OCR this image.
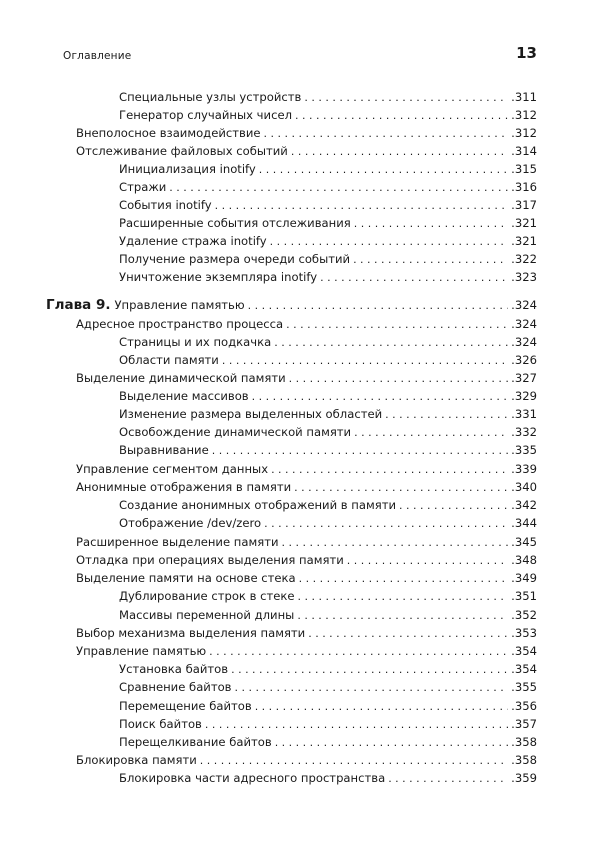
Оглавление	13
Специальные узлы устройств . . .	.311
Генератор случайных чисел . . .	.312
Внеполосное взаимодействие . . .	.312
Отслеживание файловых событий . . .	.314
Инициализация inotify . . .	.315
Стражи . . .	.316
События inotify . . .	.317
Расширенные события отслеживания . . .	.321
Удаление стража inotify . . .	.321
Получение размера очереди событий . . .	.322
Уничтожение экземпляра inotify . . .	.323
Глава 9. Управление памятью . . .	.324
Адресное пространство процесса . . .	.324
Страницы и их подкачка . . .	.324
Области памяти . . .	.326
Выделение динамической памяти . . .	.327
Выделение массивов . . .	.329
Изменение размера выделенных областей . . .	.331
Освобождение динамической памяти . . .	.332
Выравнивание . . .	.335
Управление сегментом данных . . .	.339
Анонимные отображения в памяти . . .	.340
Создание анонимных отображений в памяти . . .	.342
Отображение /dev/zero . . .	.344
Расширенное выделение памяти . . .	.345
Отладка при операциях выделения памяти . . .	.348
Выделение памяти на основе стека . . .	.349
Дублирование строк в стеке . . .	.351
Массивы переменной длины . . .	.352
Выбор механизма выделения памяти . . .	.353
Управление памятью . . .	.354
Установка байтов . . .	.354
Сравнение байтов . . .	.355
Перемещение байтов . . .	.356
Поиск байтов . . .	.357
Перещелкивание байтов . . .	.358
Блокировка памяти . . .	.358
Блокировка части адресного пространства . . .	.359
